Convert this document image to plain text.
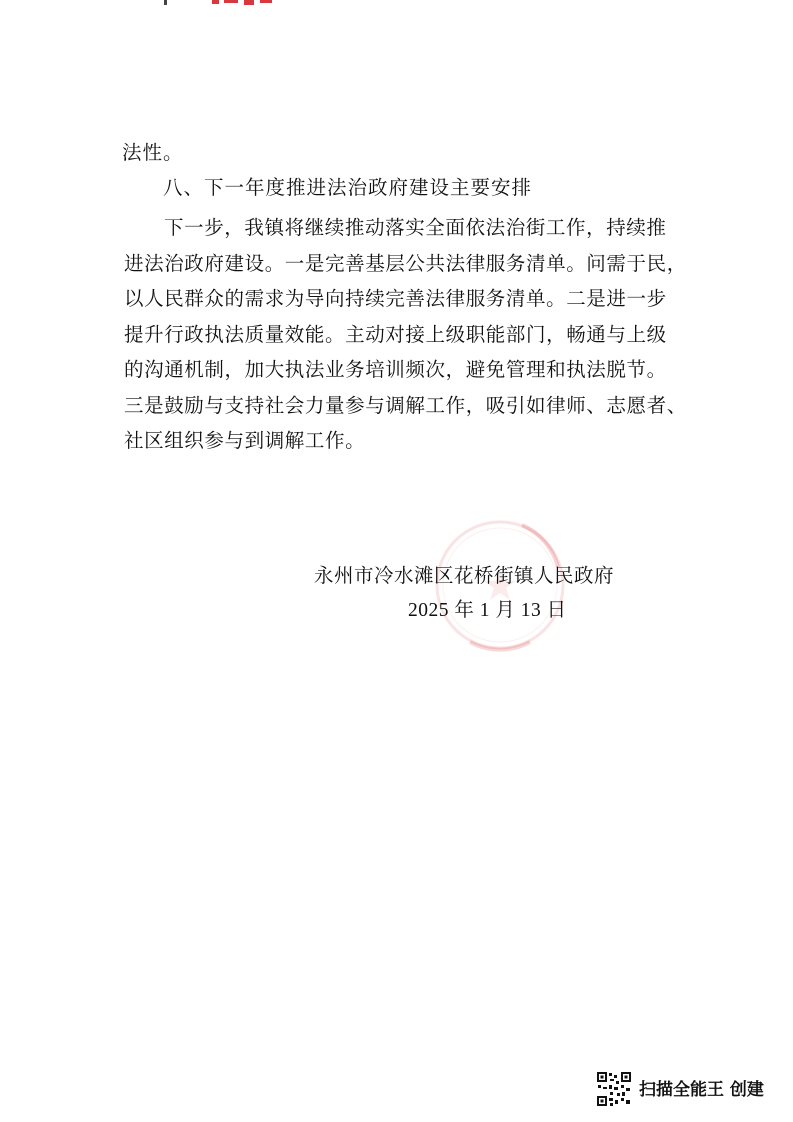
法性。
八、下一年度推进法治政府建设主要安排
下一步，我镇将继续推动落实全面依法治街工作，持续推
进法治政府建设。一是完善基层公共法律服务清单。问需于民，
以人民群众的需求为导向持续完善法律服务清单。二是进一步
提升行政执法质量效能。主动对接上级职能部门，畅通与上级
的沟通机制，加大执法业务培训频次，避免管理和执法脱节。
三是鼓励与支持社会力量参与调解工作，吸引如律师、志愿者、
社区组织参与到调解工作。
永州市冷水滩区花桥街镇人民政府
2025 年 1 月 13 日
扫描全能王 创建
